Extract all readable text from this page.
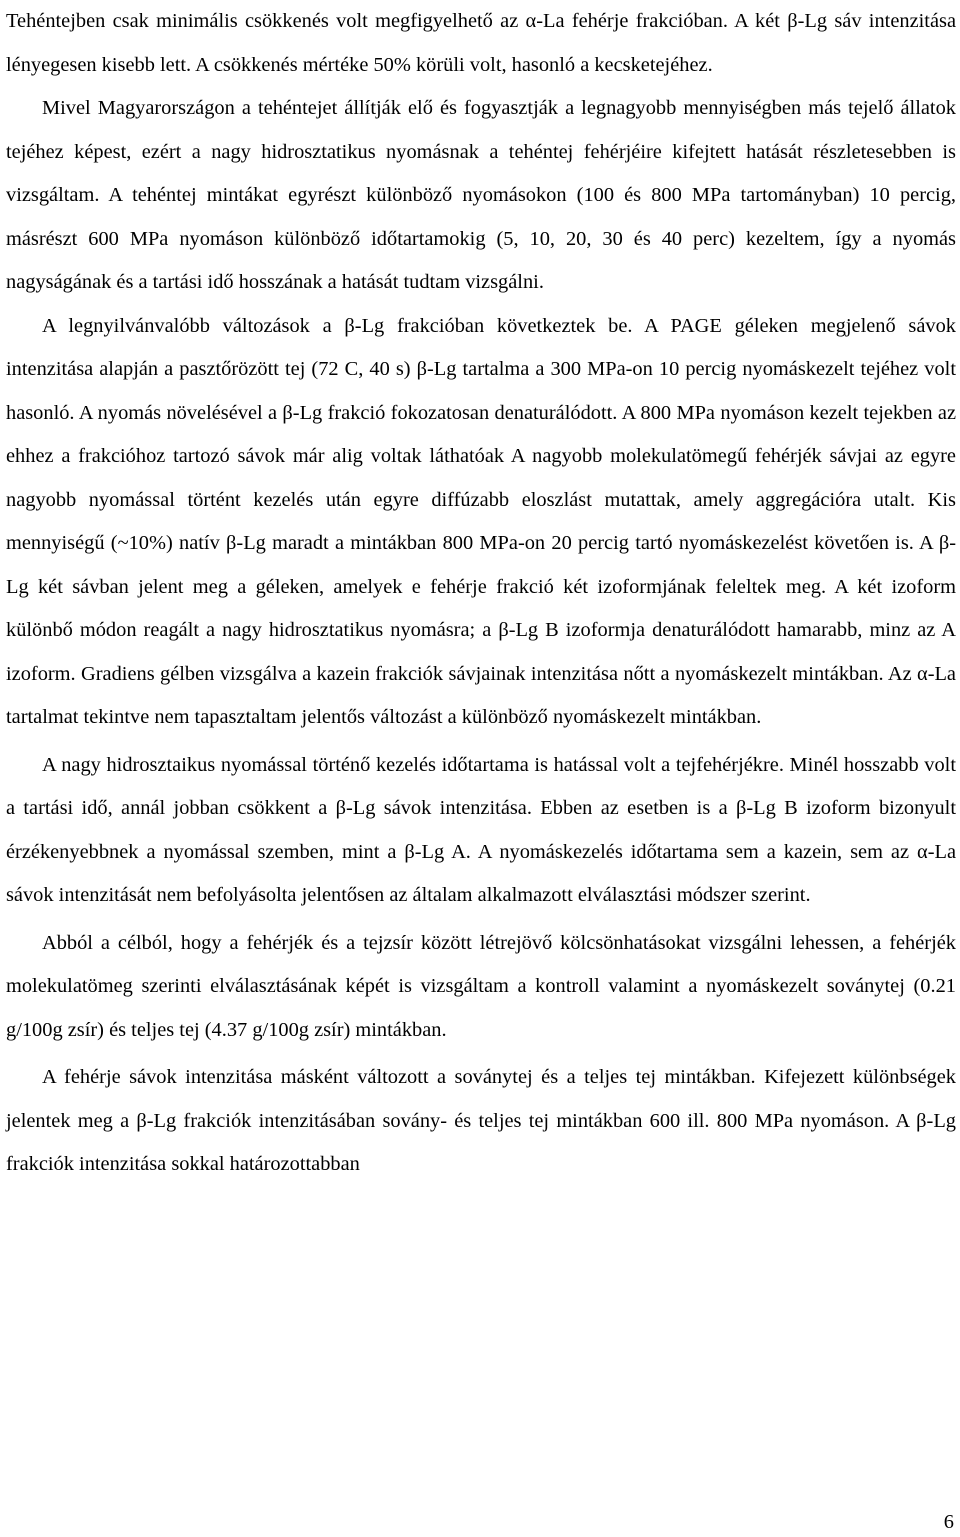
Tehéntejben csak minimális csökkenés volt megfigyelhető az α-La fehérje frakcióban. A két β-Lg sáv intenzitása lényegesen kisebb lett. A csökkenés mértéke 50% körüli volt, hasonló a kecsketejéhez.

Mivel Magyarországon a tehéntejet állítják elő és fogyasztják a legnagyobb mennyiségben más tejelő állatok tejéhez képest, ezért a nagy hidrosztatikus nyomásnak a tehéntej fehérjéire kifejtett hatását részletesebben is vizsgáltam. A tehéntej mintákat egyrészt különböző nyomásokon (100 és 800 MPa tartományban) 10 percig, másrészt 600 MPa nyomáson különböző időtartamokig (5, 10, 20, 30 és 40 perc) kezeltem, így a nyomás nagyságának és a tartási idő hosszának a hatását tudtam vizsgálni.

A legnyilvánvalóbb változások a β-Lg frakcióban következtek be. A PAGE géleken megjelenő sávok intenzitása alapján a pasztőrözött tej (72 C, 40 s) β-Lg tartalma a 300 MPa-on 10 percig nyomáskezelt tejéhez volt hasonló. A nyomás növelésével a β-Lg frakció fokozatosan denaturálódott. A 800 MPa nyomáson kezelt tejekben az ehhez a frakcióhoz tartozó sávok már alig voltak láthatóak A nagyobb molekulatömegű fehérjék sávjai az egyre nagyobb nyomással történt kezelés után egyre diffúzabb eloszlást mutattak, amely aggregációra utalt. Kis mennyiségű (~10%) natív β-Lg maradt a mintákban 800 MPa-on 20 percig tartó nyomáskezelést követően is. A β-Lg két sávban jelent meg a géleken, amelyek e fehérje frakció két izoformjának feleltek meg. A két izoform különbő módon reagált a nagy hidrosztatikus nyomásra; a β-Lg B izoformja denaturálódott hamarabb, minz az A izoform. Gradiens gélben vizsgálva a kazein frakciók sávjainak intenzitása nőtt a nyomáskezelt mintákban. Az α-La tartalmat tekintve nem tapasztaltam jelentős változást a különböző nyomáskezelt mintákban.

A nagy hidrosztaikus nyomással történő kezelés időtartama is hatással volt a tejfehérjékre. Minél hosszabb volt a tartási idő, annál jobban csökkent a β-Lg sávok intenzitása. Ebben az esetben is a β-Lg B izoform bizonyult érzékenyebbnek a nyomással szemben, mint a β-Lg A. A nyomáskezelés időtartama sem a kazein, sem az α-La sávok intenzitását nem befolyásolta jelentősen az általam alkalmazott elválasztási módszer szerint.

Abból a célból, hogy a fehérjék és a tejzsír között létrejövő kölcsönhatásokat vizsgálni lehessen, a fehérjék molekulatömeg szerinti elválasztásának képét is vizsgáltam a kontroll valamint a nyomáskezelt soványtej (0.21 g/100g zsír) és teljes tej (4.37 g/100g zsír) mintákban.

A fehérje sávok intenzitása másként változott a soványtej és a teljes tej mintákban. Kifejezett különbségek jelentek meg a β-Lg frakciók intenzitásában sovány- és teljes tej mintákban 600 ill. 800 MPa nyomáson. A β-Lg frakciók intenzitása sokkal határozottabban

6
